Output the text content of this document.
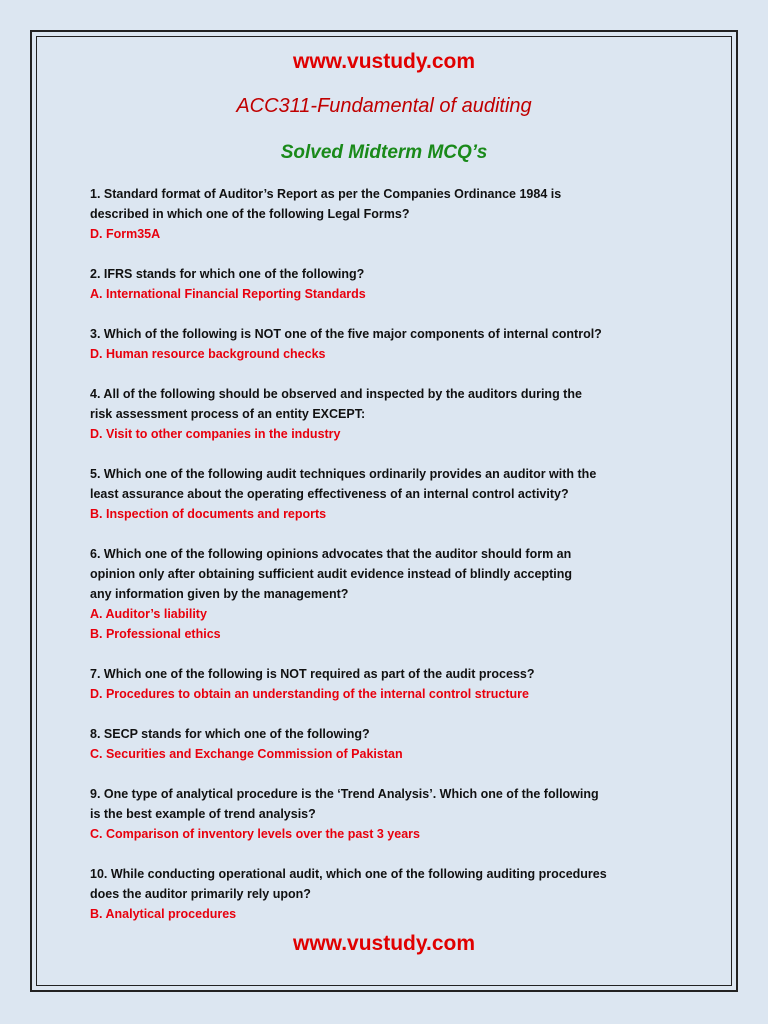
www.vustudy.com
ACC311-Fundamental of auditing
Solved Midterm MCQ’s

1. Standard format of Auditor’s Report as per the Companies Ordinance 1984 is

described in which one of the following Legal Forms?

D. Form35A

2. IFRS stands for which one of the following?

A. International Financial Reporting Standards

3. Which of the following is NOT one of the five major components of internal control?

D. Human resource background checks

4. All of the following should be observed and inspected by the auditors during the

risk assessment process of an entity EXCEPT:

D. Visit to other companies in the industry

5. Which one of the following audit techniques ordinarily provides an auditor with the

least assurance about the operating effectiveness of an internal control activity?

B. Inspection of documents and reports

6. Which one of the following opinions advocates that the auditor should form an

opinion only after obtaining sufficient audit evidence instead of blindly accepting

any information given by the management?

A. Auditor’s liability

B. Professional ethics

7. Which one of the following is NOT required as part of the audit process?

D. Procedures to obtain an understanding of the internal control structure

8. SECP stands for which one of the following?

C. Securities and Exchange Commission of Pakistan

9. One type of analytical procedure is the ‘Trend Analysis’. Which one of the following

is the best example of trend analysis?

C. Comparison of inventory levels over the past 3 years

10. While conducting operational audit, which one of the following auditing procedures

does the auditor primarily rely upon?

B. Analytical procedures

www.vustudy.com
